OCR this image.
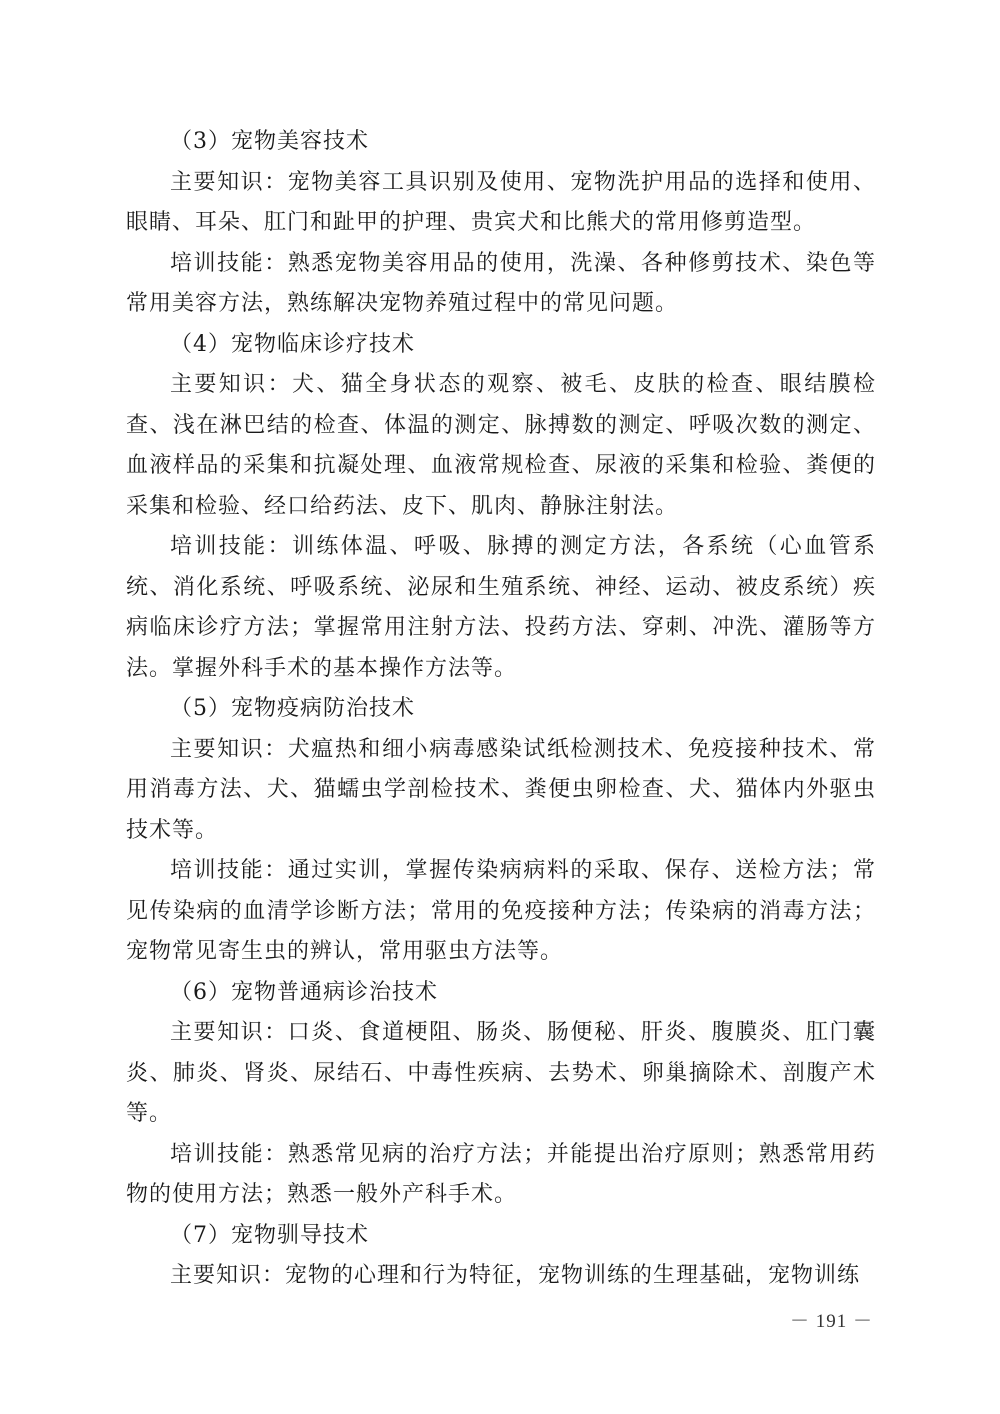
（3）宠物美容技术

主要知识：宠物美容工具识别及使用、宠物洗护用品的选择和使用、眼睛、耳朵、肛门和趾甲的护理、贵宾犬和比熊犬的常用修剪造型。

培训技能：熟悉宠物美容用品的使用，洗澡、各种修剪技术、染色等常用美容方法，熟练解决宠物养殖过程中的常见问题。

（4）宠物临床诊疗技术

主要知识：犬、猫全身状态的观察、被毛、皮肤的检查、眼结膜检查、浅在淋巴结的检查、体温的测定、脉搏数的测定、呼吸次数的测定、血液样品的采集和抗凝处理、血液常规检查、尿液的采集和检验、粪便的采集和检验、经口给药法、皮下、肌肉、静脉注射法。

培训技能：训练体温、呼吸、脉搏的测定方法，各系统（心血管系统、消化系统、呼吸系统、泌尿和生殖系统、神经、运动、被皮系统）疾病临床诊疗方法；掌握常用注射方法、投药方法、穿刺、冲洗、灌肠等方法。掌握外科手术的基本操作方法等。

（5）宠物疫病防治技术

主要知识：犬瘟热和细小病毒感染试纸检测技术、免疫接种技术、常用消毒方法、犬、猫蠕虫学剖检技术、粪便虫卵检查、犬、猫体内外驱虫技术等。

培训技能：通过实训，掌握传染病病料的采取、保存、送检方法；常见传染病的血清学诊断方法；常用的免疫接种方法；传染病的消毒方法；宠物常见寄生虫的辨认，常用驱虫方法等。

（6）宠物普通病诊治技术

主要知识：口炎、食道梗阻、肠炎、肠便秘、肝炎、腹膜炎、肛门囊炎、肺炎、肾炎、尿结石、中毒性疾病、去势术、卵巢摘除术、剖腹产术等。

培训技能：熟悉常见病的治疗方法；并能提出治疗原则；熟悉常用药物的使用方法；熟悉一般外产科手术。

（7）宠物驯导技术

主要知识：宠物的心理和行为特征，宠物训练的生理基础，宠物训练

－ 191 －
